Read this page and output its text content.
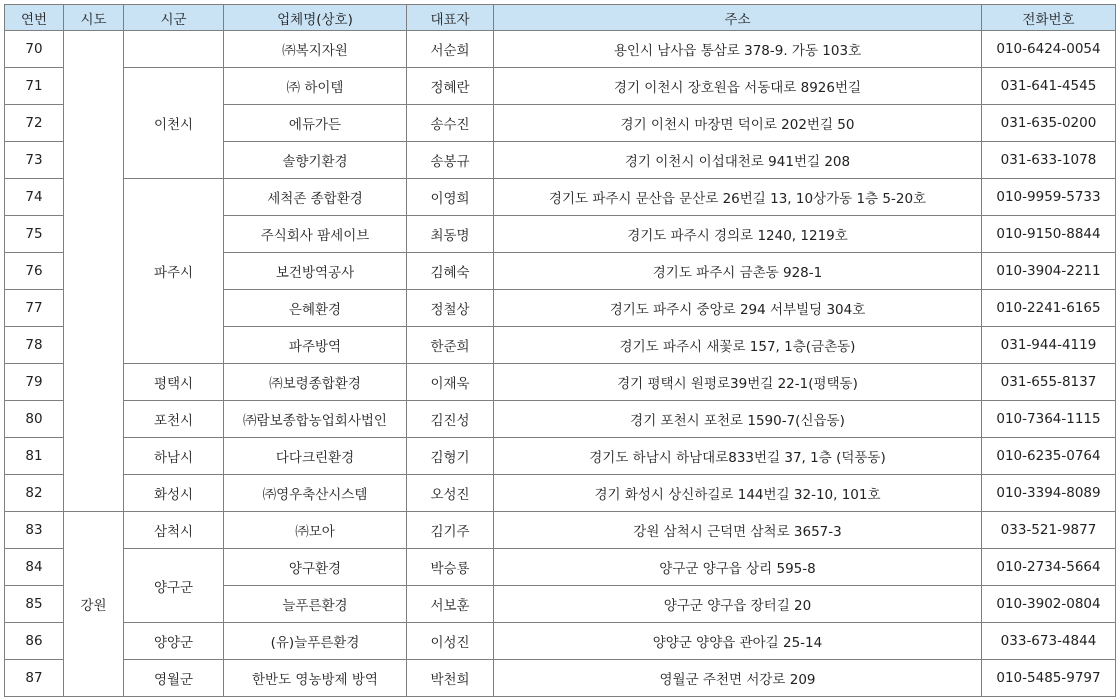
연번	시도	시군	업체명(상호)	대표자	주소	전화번호
70			㈜복지자원	서순희	용인시 남사읍 통삼로 378-9. 가동 103호	010-6424-0054
71		이천시	㈜ 하이템	정혜란	경기 이천시 장호원읍 서동대로 8926번길	031-641-4545
72			에듀가든	송수진	경기 이천시 마장면 덕이로 202번길 50	031-635-0200
73			솔향기환경	송봉규	경기 이천시 이섭대천로 941번길 208	031-633-1078
74		파주시	세척존 종합환경	이영희	경기도 파주시 문산읍 문산로 26번길 13, 10상가동 1층 5-20호	010-9959-5733
75			주식회사 팜세이브	최동명	경기도 파주시 경의로 1240, 1219호	010-9150-8844
76			보건방역공사	김혜숙	경기도 파주시 금촌동 928-1	010-3904-2211
77			은혜환경	정철상	경기도 파주시 중앙로 294 서부빌딩 304호	010-2241-6165
78			파주방역	한준희	경기도 파주시 새꽃로 157, 1층(금촌동)	031-944-4119
79		평택시	㈜보령종합환경	이재욱	경기 평택시 원평로39번길 22-1(평택동)	031-655-8137
80		포천시	㈜람보종합농업회사법인	김진성	경기 포천시 포천로 1590-7(신읍동)	010-7364-1115
81		하남시	다다크린환경	김형기	경기도 하남시 하남대로833번길 37, 1층 (덕풍동)	010-6235-0764
82		화성시	㈜영우축산시스템	오성진	경기 화성시 상신하길로 144번길 32-10, 101호	010-3394-8089
83	강원	삼척시	㈜모아	김기주	강원 삼척시 근덕면 삼척로 3657-3	033-521-9877
84		양구군	양구환경	박승룡	양구군 양구읍 상리 595-8	010-2734-5664
85			늘푸른환경	서보훈	양구군 양구읍 장터길 20	010-3902-0804
86		양양군	(유)늘푸른환경	이성진	양양군 양양읍 관아길 25-14	033-673-4844
87		영월군	한반도 영농방제 방역	박천희	영월군 주천면 서강로 209	010-5485-9797
